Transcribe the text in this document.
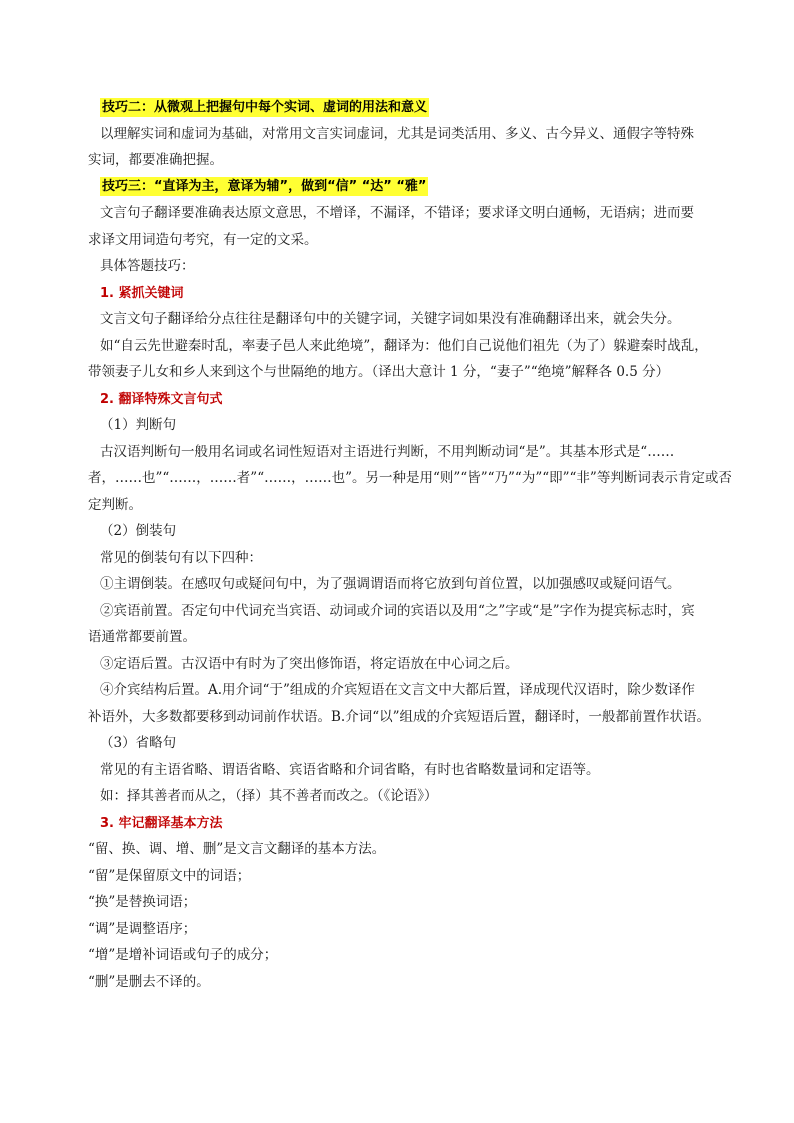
技巧二：从微观上把握句中每个实词、虚词的用法和意义
以理解实词和虚词为基础，对常用文言实词虚词，尤其是词类活用、多义、古今异义、通假字等特殊
实词，都要准确把握。
技巧三：“直译为主，意译为辅”，做到“信” “达” “雅”
文言句子翻译要准确表达原文意思，不增译，不漏译，不错译；要求译文明白通畅，无语病；进而要
求译文用词造句考究，有一定的文采。
具体答题技巧：
1. 紧抓关键词
文言文句子翻译给分点往往是翻译句中的关键字词，关键字词如果没有准确翻译出来，就会失分。
如“自云先世避秦时乱，率妻子邑人来此绝境”，翻译为：他们自己说他们祖先（为了）躲避秦时战乱，
带领妻子儿女和乡人来到这个与世隔绝的地方。（译出大意计 1 分，“妻子”“绝境”解释各 0.5 分）
2. 翻译特殊文言句式
（1）判断句
古汉语判断句一般用名词或名词性短语对主语进行判断，不用判断动词“是”。其基本形式是“……
者，……也”“……，……者”“……，……也”。另一种是用“则”“皆”“乃”“为”“即”“非”等判断词表示肯定或否
定判断。
（2）倒装句
常见的倒装句有以下四种：
①主谓倒装。在感叹句或疑问句中，为了强调谓语而将它放到句首位置，以加强感叹或疑问语气。
②宾语前置。否定句中代词充当宾语、动词或介词的宾语以及用“之”字或“是”字作为提宾标志时，宾
语通常都要前置。
③定语后置。古汉语中有时为了突出修饰语，将定语放在中心词之后。
④介宾结构后置。A.用介词“于”组成的介宾短语在文言文中大都后置，译成现代汉语时，除少数译作
补语外，大多数都要移到动词前作状语。B.介词“以”组成的介宾短语后置，翻译时，一般都前置作状语。
（3）省略句
常见的有主语省略、谓语省略、宾语省略和介词省略，有时也省略数量词和定语等。
如：择其善者而从之，（择）其不善者而改之。（《论语》）
3. 牢记翻译基本方法
“留、换、调、增、删”是文言文翻译的基本方法。
“留”是保留原文中的词语；
“换”是替换词语；
“调”是调整语序；
“增”是增补词语或句子的成分；
“删”是删去不译的。
